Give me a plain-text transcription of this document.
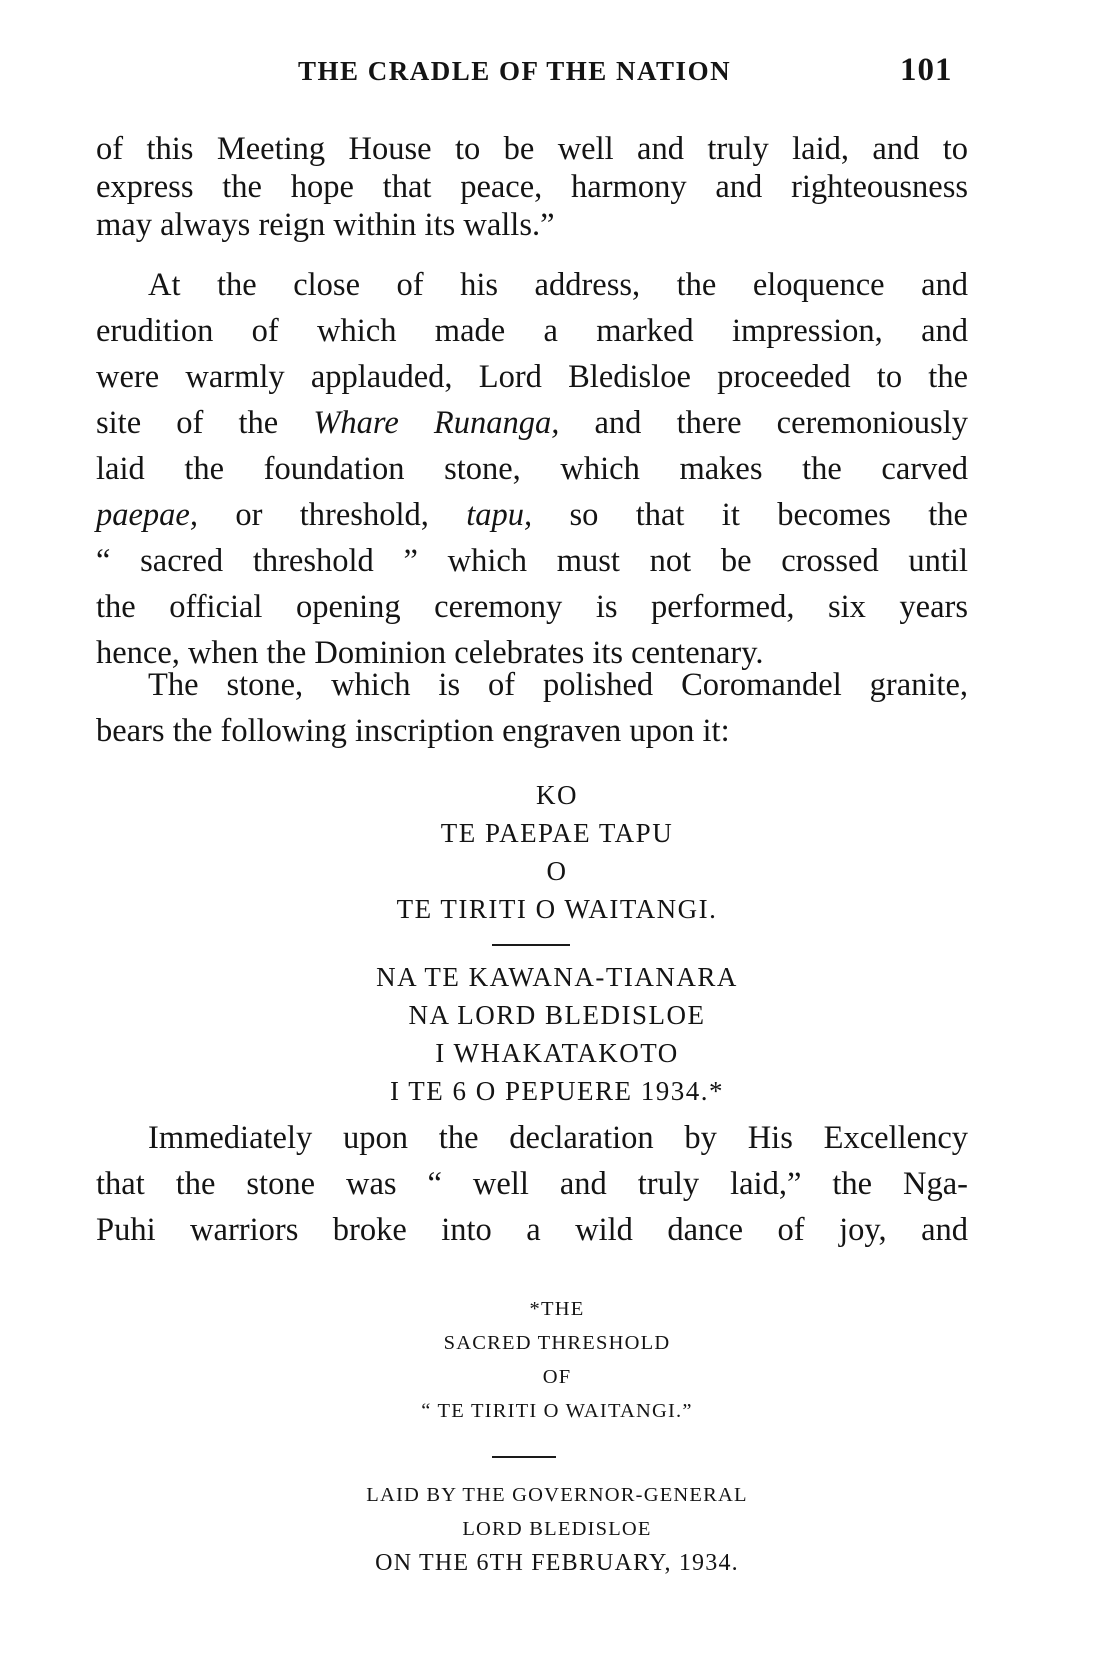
THE CRADLE OF THE NATION	101
of this Meeting House to be well and truly laid, and to
express the hope that peace, harmony and righteousness
may always reign within its walls.”
At the close of his address, the eloquence and
erudition of which made a marked impression, and
were warmly applauded, Lord Bledisloe proceeded to the
site of the Whare Runanga, and there ceremoniously
laid the foundation stone, which makes the carved
paepae, or threshold, tapu, so that it becomes the
“ sacred threshold ” which must not be crossed until
the official opening ceremony is performed, six years
hence, when the Dominion celebrates its centenary.
The stone, which is of polished Coromandel granite,
bears the following inscription engraven upon it:
KO
TE PAEPAE TAPU
O
TE TIRITI O WAITANGI.
NA TE KAWANA-TIANARA
NA LORD BLEDISLOE
I WHAKATAKOTO
I TE 6 O PEPUERE 1934.*
Immediately upon the declaration by His Excellency
that the stone was “ well and truly laid,” the Nga-
Puhi warriors broke into a wild dance of joy, and
*THE
SACRED THRESHOLD
OF
“ TE TIRITI O WAITANGI.”
LAID BY THE GOVERNOR-GENERAL
LORD BLEDISLOE
ON THE 6TH FEBRUARY, 1934.
